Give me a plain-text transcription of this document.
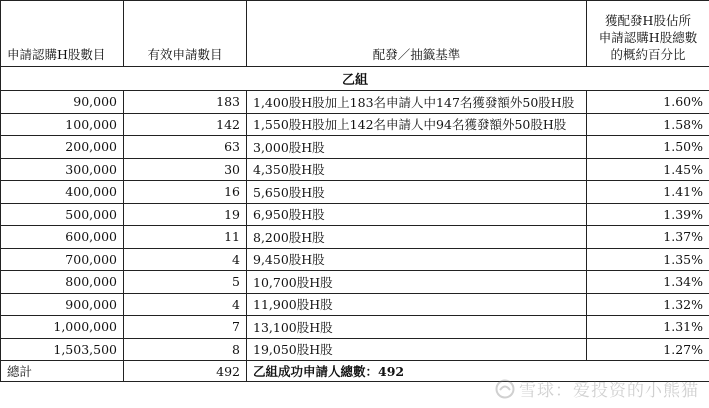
申請認購H股數目	有效申請數目	配發／抽籤基準	獲配發H股佔所
申請認購H股總數
的概約百分比

乙組			
90,000	183	1,400股H股加上183名申請人中147名獲發額外50股H股	1.60%
100,000	142	1,550股H股加上142名申請人中94名獲發額外50股H股	1.58%
200,000	63	3,000股H股	1.50%
300,000	30	4,350股H股	1.45%
400,000	16	5,650股H股	1.41%
500,000	19	6,950股H股	1.39%
600,000	11	8,200股H股	1.37%
700,000	4	9,450股H股	1.35%
800,000	5	10,700股H股	1.34%
900,000	4	11,900股H股	1.32%
1,000,000	7	13,100股H股	1.31%
1,503,500	8	19,050股H股	1.27%
總計	492	乙組成功申請人總數：492	
雪球：爱投资的小熊猫
